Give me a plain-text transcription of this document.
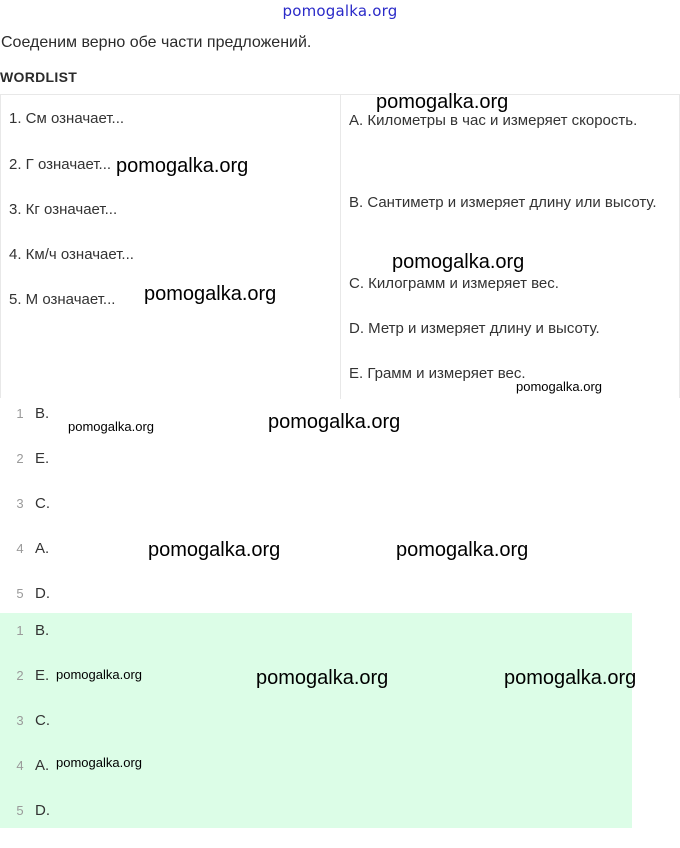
pomogalka.org
Соеденим верно обе части предложений.
WORDLIST
1. См означает...
2. Г означает...
3. Кг означает...
4. Км/ч означает...
5. М означает...
A. Километры в час и измеряет скорость.
B. Сантиметр и измеряет длину или высоту.
C. Килограмм и измеряет вес.
D. Метр и измеряет длину и высоту.
E. Грамм и измеряет вес.
1 B.
2 E.
3 C.
4 A.
5 D.
1 B.
2 E.
3 C.
4 A.
5 D.
pomogalka.org
pomogalka.org
pomogalka.org
pomogalka.org
pomogalka.org
pomogalka.org
pomogalka.org
pomogalka.org	pomogalka.org
pomogalka.org	pomogalka.org	pomogalka.org
pomogalka.org
